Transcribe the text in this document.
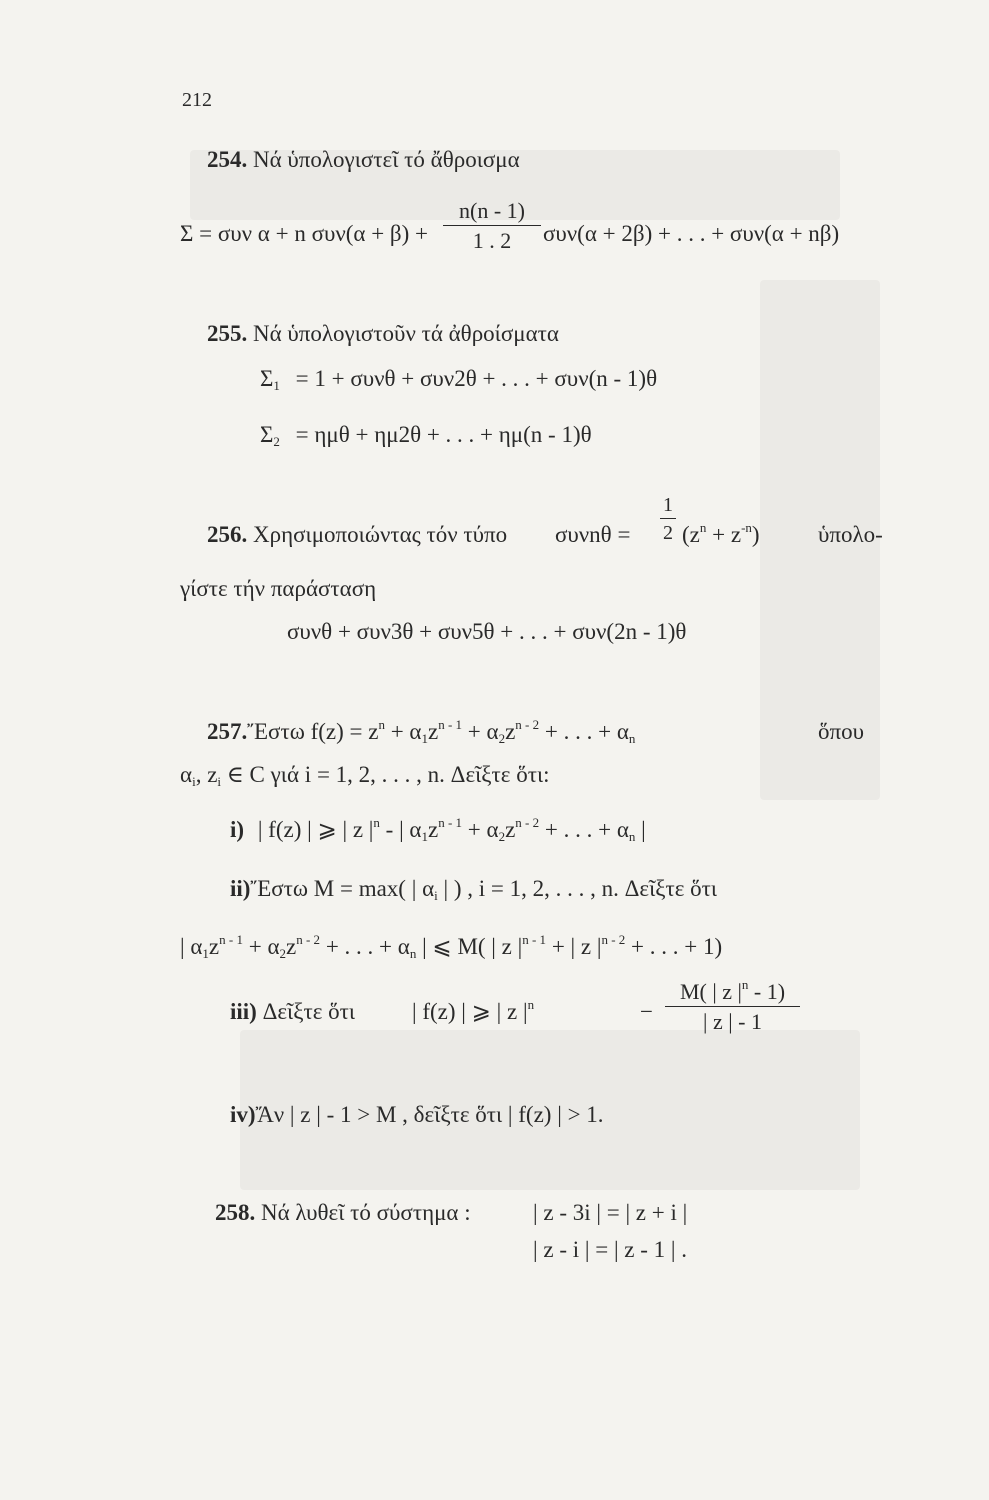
212
254. Νά ὑπολογιστεῖ τό ἄθροισμα
Σ = συν α + n συν(α + β) +
n(n - 1)
1 . 2	συν(α + 2β) + . . . + συν(α + nβ)
255. Νά ὑπολογιστοῦν τά ἀθροίσματα
$\Sigma_1 = 1 + \sigma\upsilon\nu\theta + \sigma\upsilon\nu 2\theta$ + . . . + συν(n - 1)θ
$\Sigma_2 = \eta\mu\theta + \eta\mu 2\theta$ + . . . + ημ(n - 1)θ
256. Χρησιμοποιώντας τόν τύπο συνnθ =
1
2 $(z^n + z^{-n})$	ὑπολο-
γίστε τήν παράσταση
συνθ + συν3θ + συν5θ + . . . + συν(2n - 1)θ
257.Ἔστω $f(z) = z^n + \alpha_1z^{n - 1} + \alpha_2z^{n - 2}$ + . . . + $\alpha_n$	ὅπου
$\alpha_i$, $z_i$ ∈ C γιά i = 1, 2, . . . , n. Δεῖξτε ὅτι:
i) | f(z) | ⩾ | z $|^n$ - | $\alpha_1z^{n - 1} + \alpha_2z^{n - 2}$ + . . . + $\alpha_n$ |
ii)Ἔστω M = max( | $\alpha_i$ | ) , i = 1, 2, . . . , n. Δεῖξτε ὅτι
| $\alpha_1z^{n - 1} + \alpha_2z^{n - 2}$ + . . . + $\alpha_n$ | ⩽ M( | z $|^{n - 1}$ + | z $|^{n - 2}$ + . . . + 1)
iii) Δεῖξτε ὅτι | f(z) | ⩾ | z $|^n$	−
M( | z $|^n - 1$)
| z | - 1
iv)Ἄν | z | - 1 > M , δεῖξτε ὅτι | f(z) | > 1.
258. Νά λυθεῖ τό σύστημα :	| z - 3i | = | z + i |
| z - i | = | z - 1 | .
